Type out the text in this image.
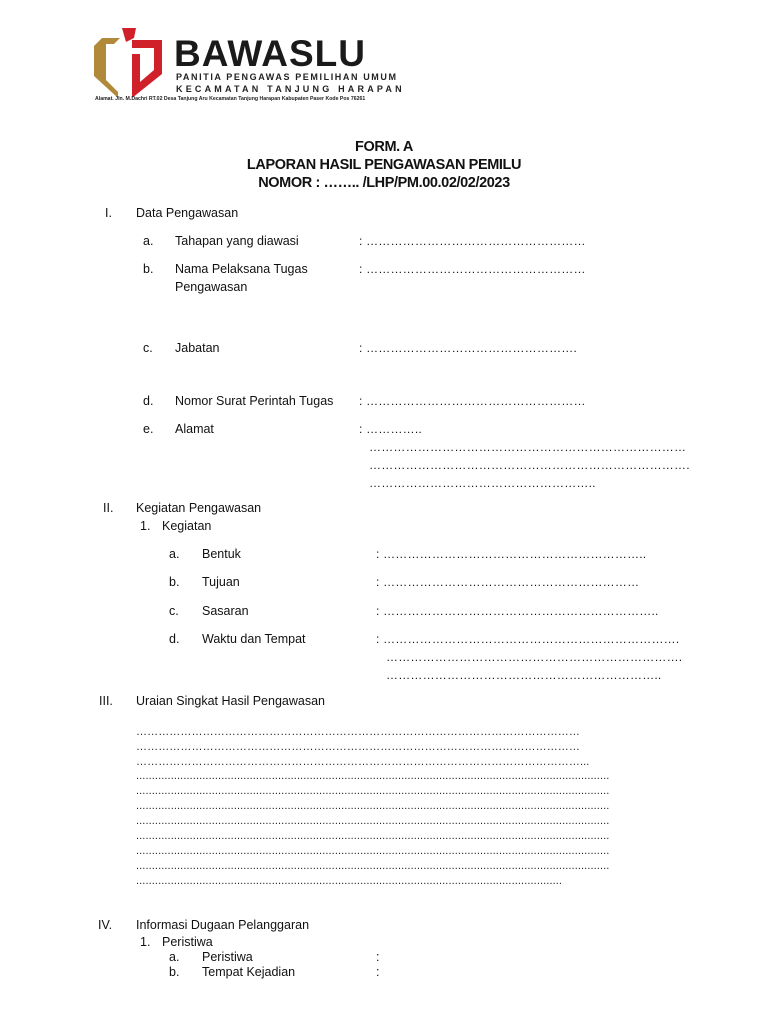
BAWASLU
PANITIA PENGAWAS PEMILIHAN UMUM
KECAMATAN TANJUNG HARAPAN
Alamat. Jln. M.Dachri RT.02 Desa Tanjung Aru Kecamatan Tanjung Harapan Kabupaten Paser Kode Pos 76261
FORM. A
LAPORAN HASIL PENGAWASAN PEMILU
NOMOR : …….. /LHP/PM.00.02/02/2023
I. Data Pengawasan
a. Tahapan yang diawasi	: ………………………………………………
b. Nama Pelaksana Tugas
Pengawasan
: ………………………………………………
c. Jabatan	: …………………………………………….
d. Nomor Surat Perintah Tugas : ………………………………………………
e. Alamat	: …………..
……………………………………………………………………
…………………………………………………………………….
………………………………………………..
II. Kegiatan Pengawasan
1. Kegiatan
a. Bentuk	: ………………………………………………………..
b. Tujuan	: ………………………………………………………
c. Sasaran	: …………………………………………………………..
d. Waktu dan Tempat	: ……………………………………………………………….
……………………………………………………………….
…………………………………………………………..
III. Uraian Singkat Hasil Pengawasan
…………………………………………………………………………………………………………
…………………………………………………………………………………………………………
…………………………………………………………………………………………………………...
......................................................................................................................................................
......................................................................................................................................................
......................................................................................................................................................
......................................................................................................................................................
......................................................................................................................................................
......................................................................................................................................................
......................................................................................................................................................
.......................................................................................................................................
IV. Informasi Dugaan Pelanggaran
1. Peristiwa
a. Peristiwa	:
b. Tempat Kejadian	:
